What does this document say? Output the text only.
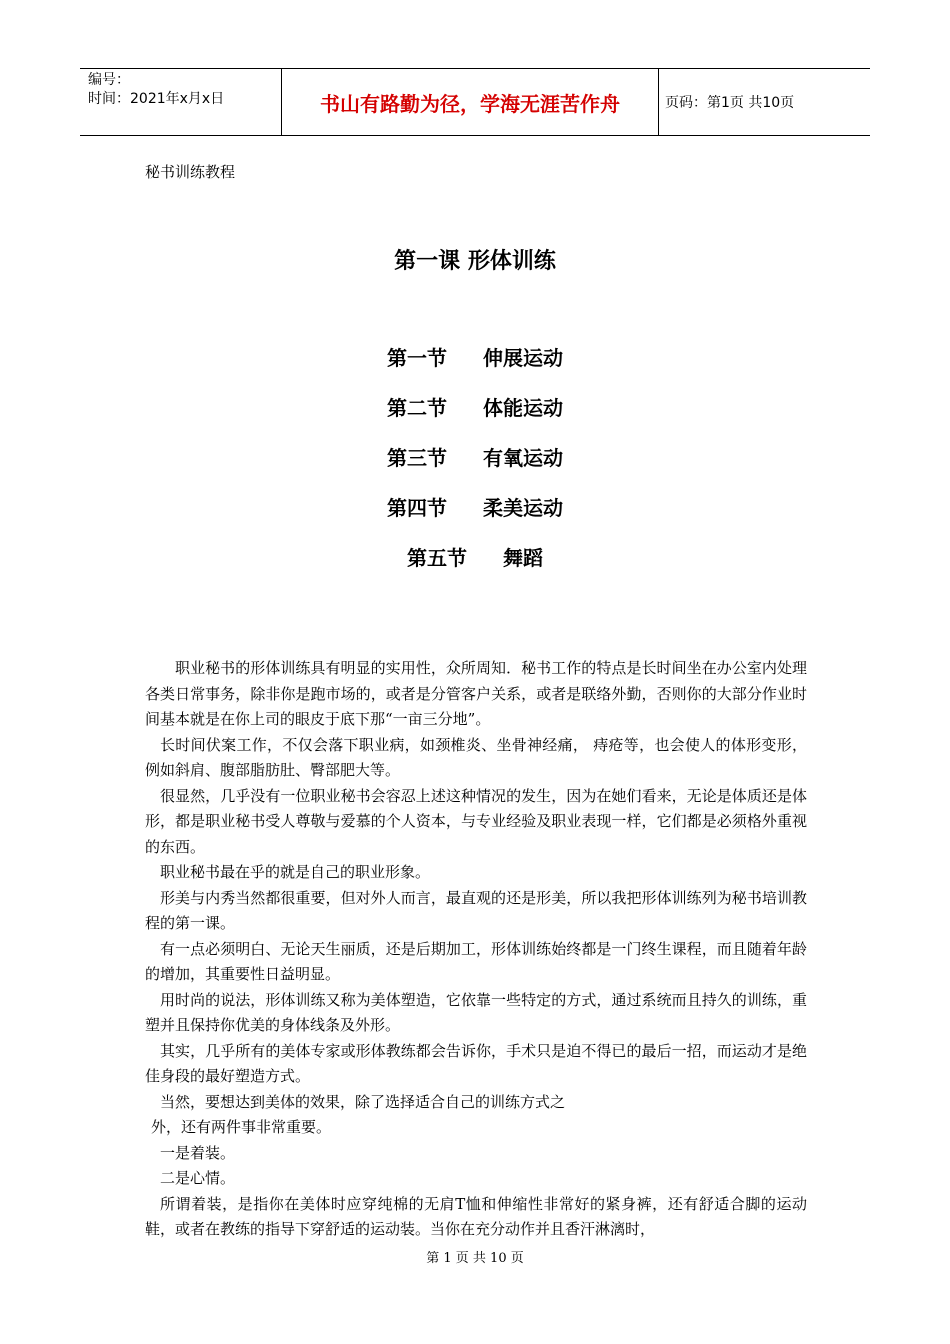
编号：
时间：2021年x月x日	书山有路勤为径，学海无涯苦作舟	页码：第1页 共10页
秘书训练教程
第一课 形体训练
第一节 伸展运动
第二节 体能运动
第三节 有氧运动
第四节 柔美运动
第五节 舞蹈

职业秘书的形体训练具有明显的实用性，众所周知．秘书工作的特点是长时间坐在办公室内处理各类日常事务，除非你是跑市场的，或者是分管客户关系，或者是联络外勤，否则你的大部分作业时间基本就是在你上司的眼皮于底下那“一亩三分地”。

长时间伏案工作，不仅会落下职业病，如颈椎炎、坐骨神经痛， 痔疮等，也会使人的体形变形，例如斜肩、腹部脂肪肚、臀部肥大等。

很显然，几乎没有一位职业秘书会容忍上述这种情况的发生，因为在她们看来，无论是体质还是体形，都是职业秘书受人尊敬与爱慕的个人资本，与专业经验及职业表现一样，它们都是必须格外重视的东西。

职业秘书最在乎的就是自己的职业形象。

形美与内秀当然都很重要，但对外人而言，最直观的还是形美，所以我把形体训练列为秘书培训教程的第一课。

有一点必须明白、无论天生丽质，还是后期加工，形体训练始终都是一门终生课程，而且随着年龄的增加，其重要性日益明显。

用时尚的说法，形体训练又称为美体塑造，它依靠一些特定的方式，通过系统而且持久的训练，重塑并且保持你优美的身体线条及外形。

其实，几乎所有的美体专家或形体教练都会告诉你，手术只是迫不得已的最后一招，而运动才是绝佳身段的最好塑造方式。

当然，要想达到美体的效果，除了选择适合自己的训练方式之

外，还有两件事非常重要。

一是着装。

二是心情。

所谓着装，是指你在美体时应穿纯棉的无肩T恤和伸缩性非常好的紧身裤，还有舒适合脚的运动鞋，或者在教练的指导下穿舒适的运动装。当你在充分动作并且香汗淋漓时，

第 1 页 共 10 页
